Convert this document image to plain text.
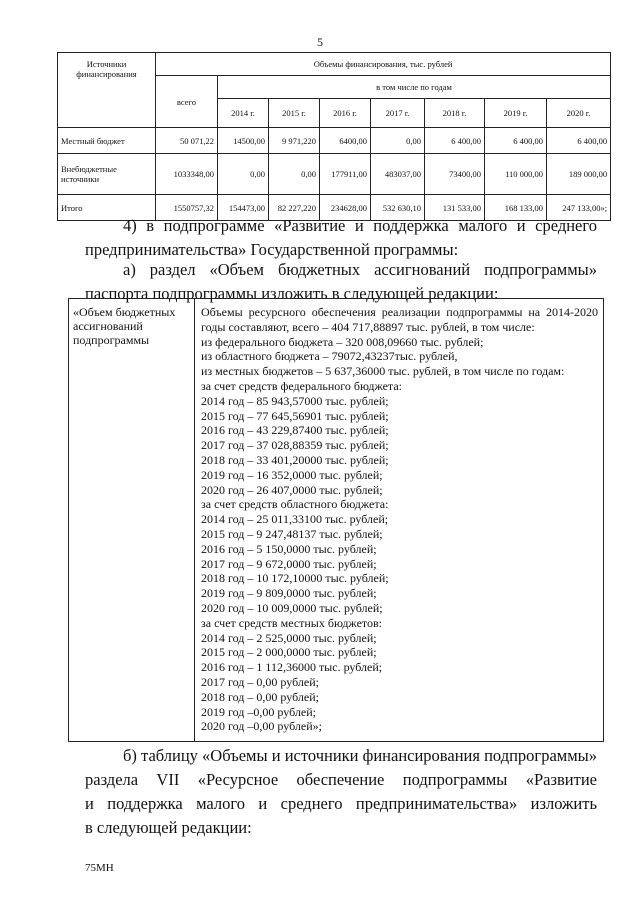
5
Источники финансирования	Объемы финансирования, тыс. рублей							
	всего	в том числе по годам						
		2014 г.	2015 г.	2016 г.	2017 г.	2018 г.	2019 г.	2020 г.
Местный бюджет	50 071,22	14500,00	9 971,220	6400,00	0,00	6 400,00	6 400,00	6 400,00
Внебюджетные источники	1033348,00	0,00	0,00	177911,00	483037,00	73400,00	110 000,00	189 000,00
Итого	1550757,32	154473,00	82 227,220	234628,00	532 630,10	131 533,00	168 133,00	247 133,00»;
4) в подпрограмме «Развитие и поддержка малого и среднего
предпринимательства» Государственной программы:
а) раздел «Объем бюджетных ассигнований подпрограммы»
паспорта подпрограммы изложить в следующей редакции:
«Объем бюджетных ассигнований подпрограммы
Объемы ресурсного обеспечения реализации подпрограммы на 2014-2020 годы составляют, всего – 404 717,88897 тыс. рублей, в том числе:
из федерального бюджета – 320 008,09660 тыс. рублей;
из областного бюджета – 79072,43237тыс. рублей,
из местных бюджетов – 5 637,36000 тыс. рублей, в том числе по годам:
за счет средств федерального бюджета:
2014 год – 85 943,57000 тыс. рублей;
2015 год – 77 645,56901 тыс. рублей;
2016 год – 43 229,87400 тыс. рублей;
2017 год – 37 028,88359 тыс. рублей;
2018 год – 33 401,20000 тыс. рублей;
2019 год – 16 352,0000 тыс. рублей;
2020 год – 26 407,0000 тыс. рублей;
за счет средств областного бюджета:
2014 год – 25 011,33100 тыс. рублей;
2015 год – 9 247,48137 тыс. рублей;
2016 год – 5 150,0000 тыс. рублей;
2017 год – 9 672,0000 тыс. рублей;
2018 год – 10 172,10000 тыс. рублей;
2019 год – 9 809,0000 тыс. рублей;
2020 год – 10 009,0000 тыс. рублей;
за счет средств местных бюджетов:
2014 год – 2 525,0000 тыс. рублей;
2015 год – 2 000,0000 тыс. рублей;
2016 год – 1 112,36000 тыс. рублей;
2017 год – 0,00 рублей;
2018 год – 0,00 рублей;
2019 год –0,00 рублей;
2020 год –0,00 рублей»;
б) таблицу «Объемы и источники финансирования подпрограммы»
раздела VII «Ресурсное обеспечение подпрограммы «Развитие
и поддержка малого и среднего предпринимательства» изложить
в следующей редакции:
75МН
